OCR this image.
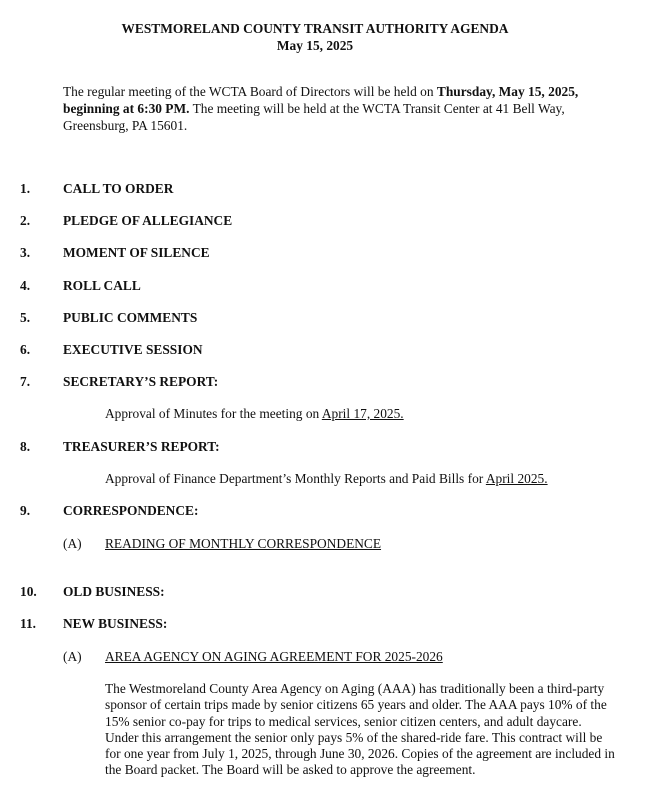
WESTMORELAND COUNTY TRANSIT AUTHORITY AGENDA
May 15, 2025
The regular meeting of the WCTA Board of Directors will be held on Thursday, May 15, 2025, beginning at 6:30 PM. The meeting will be held at the WCTA Transit Center at 41 Bell Way, Greensburg, PA 15601.
1. CALL TO ORDER
2. PLEDGE OF ALLEGIANCE
3. MOMENT OF SILENCE
4. ROLL CALL
5. PUBLIC COMMENTS
6. EXECUTIVE SESSION
7. SECRETARY’S REPORT:
Approval of Minutes for the meeting on April 17, 2025.
8. TREASURER’S REPORT:
Approval of Finance Department’s Monthly Reports and Paid Bills for April 2025.
9. CORRESPONDENCE:
(A) READING OF MONTHLY CORRESPONDENCE
10. OLD BUSINESS:
11. NEW BUSINESS:
(A) AREA AGENCY ON AGING AGREEMENT FOR 2025-2026
The Westmoreland County Area Agency on Aging (AAA) has traditionally been a third-party sponsor of certain trips made by senior citizens 65 years and older. The AAA pays 10% of the 15% senior co-pay for trips to medical services, senior citizen centers, and adult daycare. Under this arrangement the senior only pays 5% of the shared-ride fare. This contract will be for one year from July 1, 2025, through June 30, 2026. Copies of the agreement are included in the Board packet. The Board will be asked to approve the agreement.
